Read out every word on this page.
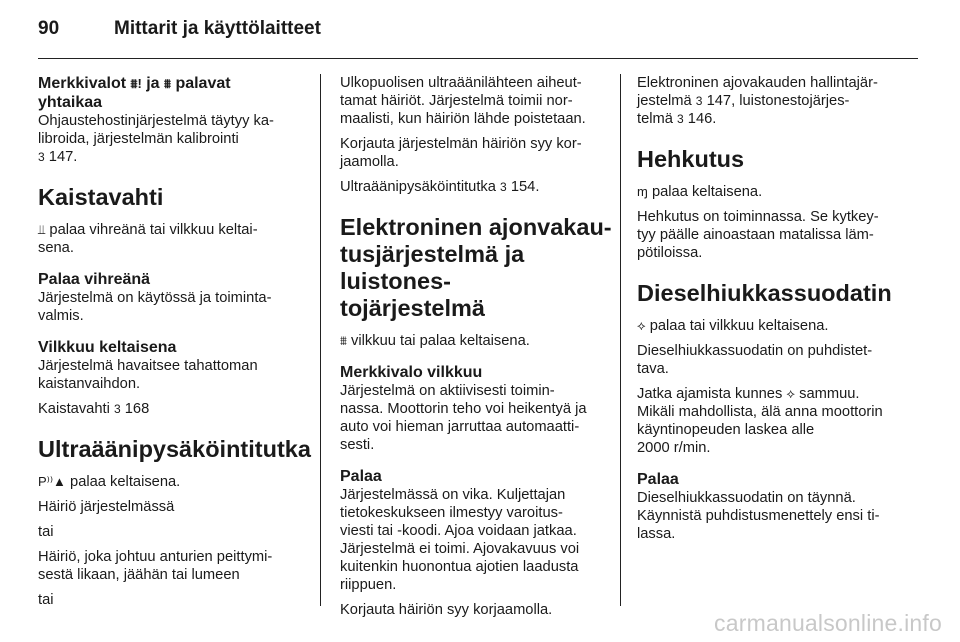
90	Mittarit ja käyttölaitteet
Merkkivalot ⩩! ja ⩩ palavat
yhtaikaa

Ohjaustehostinjärjestelmä täytyy ka-
libroida, järjestelmän kalibrointi
3 147.

Kaistavahti

⫫ palaa vihreänä tai vilkkuu keltai-
sena.

Palaa vihreänä

Järjestelmä on käytössä ja toiminta-
valmis.

Vilkkuu keltaisena

Järjestelmä havaitsee tahattoman
kaistanvaihdon.

Kaistavahti 3 168

Ultraäänipysäköintitutka

P⁾⁾▲ palaa keltaisena.

Häiriö järjestelmässä

tai

Häiriö, joka johtuu anturien peittymi-
sestä likaan, jäähän tai lumeen

tai

Ulkopuolisen ultraäänilähteen aiheut-
tamat häiriöt. Järjestelmä toimii nor-
maalisti, kun häiriön lähde poistetaan.

Korjauta järjestelmän häiriön syy kor-
jaamolla.

Ultraäänipysäköintitutka 3 154.

Elektroninen ajonvakau-
tusjärjestelmä ja luistones-
tojärjestelmä

⩩ vilkkuu tai palaa keltaisena.

Merkkivalo vilkkuu

Järjestelmä on aktiivisesti toimin-
nassa. Moottorin teho voi heikentyä ja
auto voi hieman jarruttaa automaatti-
sesti.

Palaa

Järjestelmässä on vika. Kuljettajan
tietokeskukseen ilmestyy varoitus-
viesti tai -koodi. Ajoa voidaan jatkaa.
Järjestelmä ei toimi. Ajovakavuus voi
kuitenkin huonontua ajotien laadusta
riippuen.

Korjauta häiriön syy korjaamolla.

Elektroninen ajovakauden hallintajär-
jestelmä 3 147, luistonestojärjes-
telmä 3 146.

Hehkutus

ɱ palaa keltaisena.

Hehkutus on toiminnassa. Se kytkey-
tyy päälle ainoastaan matalissa läm-
pötiloissa.

Dieselhiukkassuodatin

⟡ palaa tai vilkkuu keltaisena.

Dieselhiukkassuodatin on puhdistet-
tava.

Jatka ajamista kunnes ⟡ sammuu.
Mikäli mahdollista, älä anna moottorin
käyntinopeuden laskea alle
2000 r/min.

Palaa

Dieselhiukkassuodatin on täynnä.
Käynnistä puhdistusmenettely ensi ti-
lassa.

carmanualsonline.info
